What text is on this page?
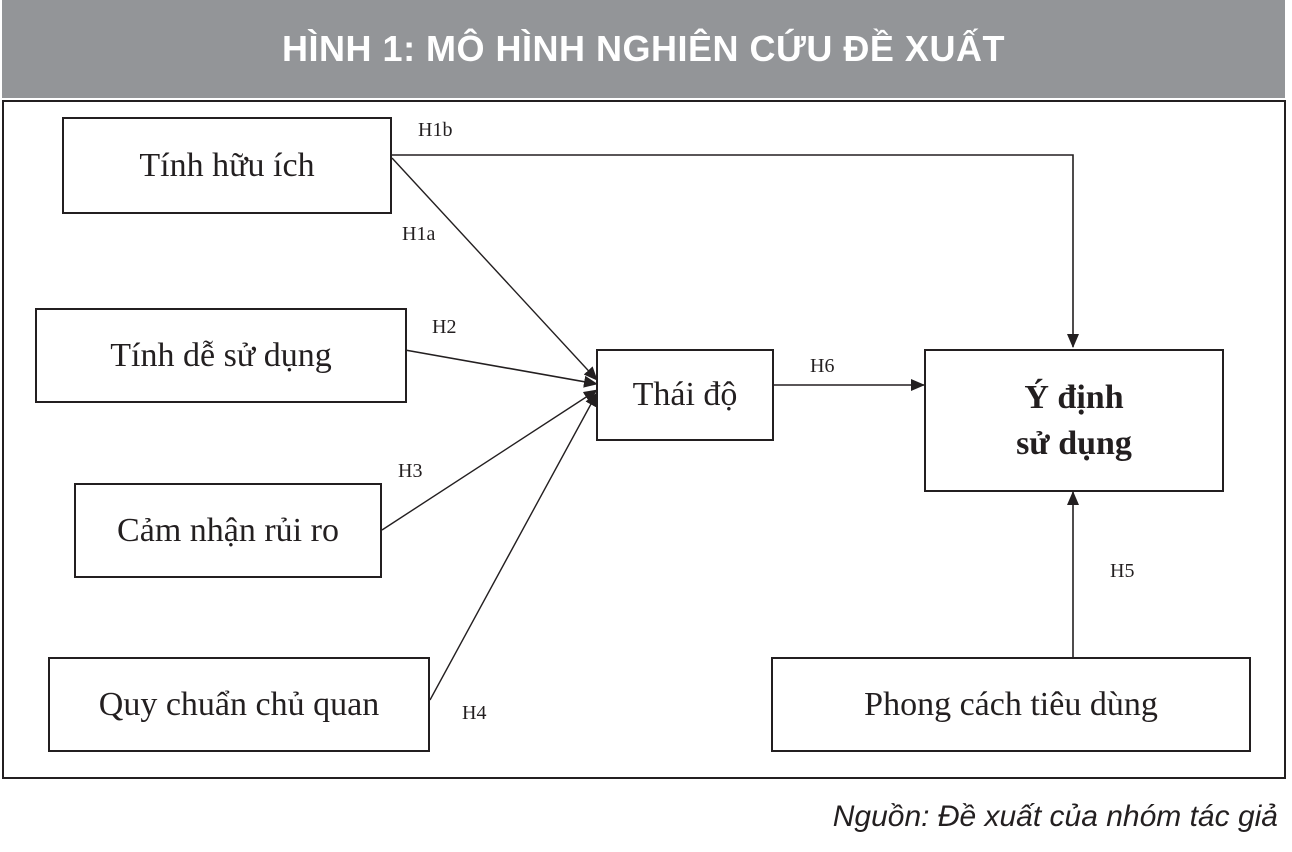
HÌNH 1: MÔ HÌNH NGHIÊN CỨU ĐỀ XUẤT
Tính hữu ích
Tính dễ sử dụng
Cảm nhận rủi ro
Quy chuẩn chủ quan
Thái độ	Ý định
sử dụng
Phong cách tiêu dùng
H1b
H1a
H2
H3
H4
H6
H5
Nguồn: Đề xuất của nhóm tác giả
